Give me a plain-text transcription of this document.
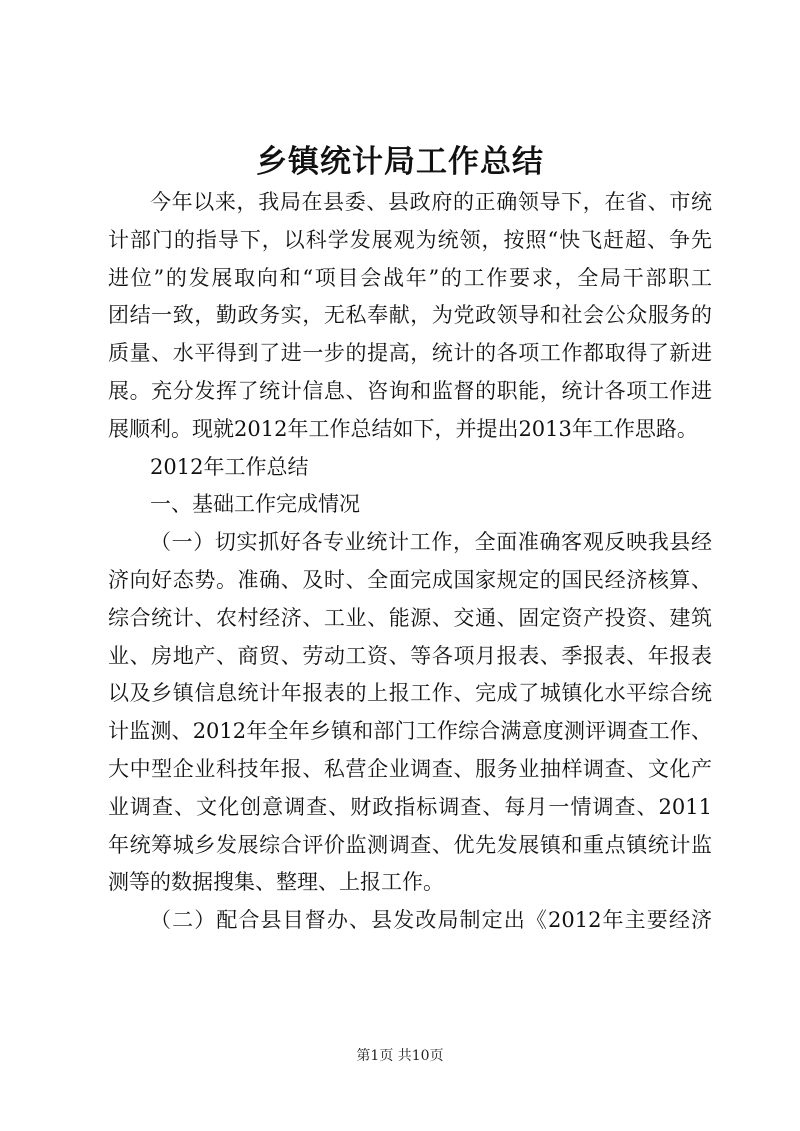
乡镇统计局工作总结
今年以来，我局在县委、县政府的正确领导下，在省、市统
计部门的指导下，以科学发展观为统领，按照“快飞赶超、争先
进位”的发展取向和“项目会战年”的工作要求，全局干部职工
团结一致，勤政务实，无私奉献，为党政领导和社会公众服务的
质量、水平得到了进一步的提高，统计的各项工作都取得了新进
展。充分发挥了统计信息、咨询和监督的职能，统计各项工作进
展顺利。现就2012年工作总结如下，并提出2013年工作思路。
2012年工作总结
一、基础工作完成情况
（一）切实抓好各专业统计工作，全面准确客观反映我县经
济向好态势。准确、及时、全面完成国家规定的国民经济核算、
综合统计、农村经济、工业、能源、交通、固定资产投资、建筑
业、房地产、商贸、劳动工资、等各项月报表、季报表、年报表
以及乡镇信息统计年报表的上报工作、完成了城镇化水平综合统
计监测、2012年全年乡镇和部门工作综合满意度测评调查工作、
大中型企业科技年报、私营企业调查、服务业抽样调查、文化产
业调查、文化创意调查、财政指标调查、每月一情调查、2011
年统筹城乡发展综合评价监测调查、优先发展镇和重点镇统计监
测等的数据搜集、整理、上报工作。
（二）配合县目督办、县发改局制定出《2012年主要经济
第1页 共10页
